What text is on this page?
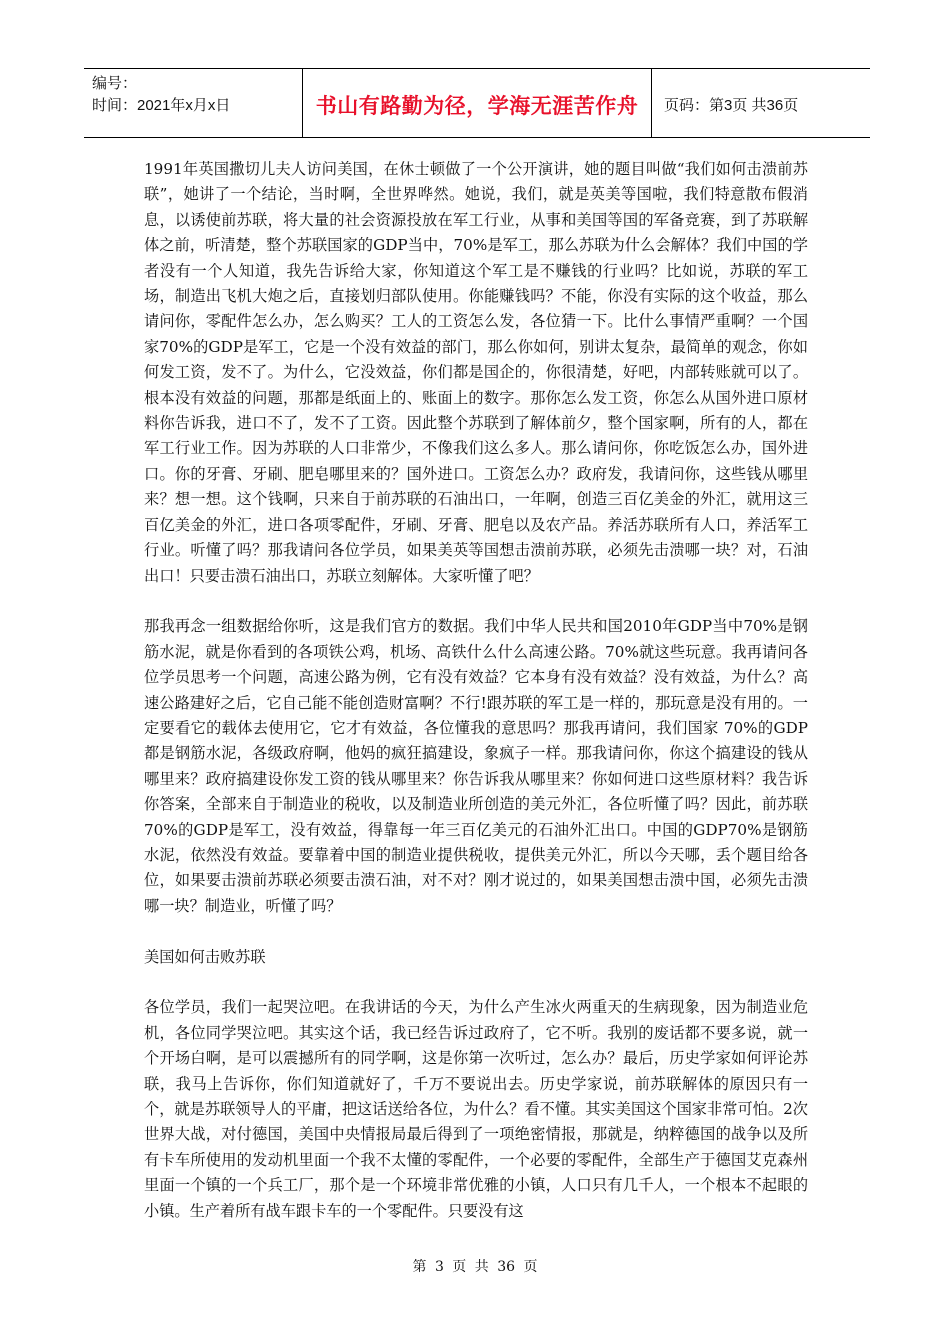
编号：
时间：2021年x月x日	书山有路勤为径，学海无涯苦作舟	页码：第3页 共36页

1991年英国撒切儿夫人访问美国，在休士顿做了一个公开演讲，她的题目叫做“我们如何击溃前苏联”，她讲了一个结论，当时啊，全世界哗然。她说，我们，就是英美等国啦，我们特意散布假消息，以诱使前苏联，将大量的社会资源投放在军工行业，从事和美国等国的军备竞赛，到了苏联解体之前，听清楚，整个苏联国家的GDP当中，70%是军工，那么苏联为什么会解体？我们中国的学者没有一个人知道，我先告诉给大家，你知道这个军工是不赚钱的行业吗？比如说，苏联的军工场，制造出飞机大炮之后，直接划归部队使用。你能赚钱吗？不能，你没有实际的这个收益，那么请问你，零配件怎么办，怎么购买？工人的工资怎么发，各位猜一下。比什么事情严重啊？一个国家70%的GDP是军工，它是一个没有效益的部门，那么你如何，别讲太复杂，最简单的观念，你如何发工资，发不了。为什么，它没效益，你们都是国企的，你很清楚，好吧，内部转账就可以了。根本没有效益的问题，那都是纸面上的、账面上的数字。那你怎么发工资，你怎么从国外进口原材料你告诉我，进口不了，发不了工资。因此整个苏联到了解体前夕，整个国家啊，所有的人，都在军工行业工作。因为苏联的人口非常少，不像我们这么多人。那么请问你，你吃饭怎么办，国外进口。你的牙膏、牙刷、肥皂哪里来的？国外进口。工资怎么办？政府发，我请问你，这些钱从哪里来？想一想。这个钱啊，只来自于前苏联的石油出口，一年啊，创造三百亿美金的外汇，就用这三百亿美金的外汇，进口各项零配件，牙刷、牙膏、肥皂以及农产品。养活苏联所有人口，养活军工行业。听懂了吗？那我请问各位学员，如果美英等国想击溃前苏联，必须先击溃哪一块？对，石油出口！只要击溃石油出口，苏联立刻解体。大家听懂了吧？

那我再念一组数据给你听，这是我们官方的数据。我们中华人民共和国2010年GDP当中70%是钢筋水泥，就是你看到的各项铁公鸡，机场、高铁什么什么高速公路。70%就这些玩意。我再请问各位学员思考一个问题，高速公路为例，它有没有效益？它本身有没有效益？没有效益，为什么？高速公路建好之后，它自己能不能创造财富啊？不行!跟苏联的军工是一样的，那玩意是没有用的。一定要看它的载体去使用它，它才有效益，各位懂我的意思吗？那我再请问，我们国家 70%的GDP都是钢筋水泥，各级政府啊，他妈的疯狂搞建设，象疯子一样。那我请问你，你这个搞建设的钱从哪里来？政府搞建设你发工资的钱从哪里来？你告诉我从哪里来？你如何进口这些原材料？我告诉你答案，全部来自于制造业的税收，以及制造业所创造的美元外汇，各位听懂了吗？因此，前苏联70%的GDP是军工，没有效益，得靠每一年三百亿美元的石油外汇出口。中国的GDP70%是钢筋水泥，依然没有效益。要靠着中国的制造业提供税收，提供美元外汇，所以今天哪，丢个题目给各位，如果要击溃前苏联必须要击溃石油，对不对？刚才说过的，如果美国想击溃中国，必须先击溃哪一块？制造业，听懂了吗？

美国如何击败苏联

各位学员，我们一起哭泣吧。在我讲话的今天，为什么产生冰火两重天的生病现象，因为制造业危机，各位同学哭泣吧。其实这个话，我已经告诉过政府了，它不听。我别的废话都不要多说，就一个开场白啊，是可以震撼所有的同学啊，这是你第一次听过，怎么办？最后，历史学家如何评论苏联，我马上告诉你，你们知道就好了，千万不要说出去。历史学家说，前苏联解体的原因只有一个，就是苏联领导人的平庸，把这话送给各位，为什么？看不懂。其实美国这个国家非常可怕。2次世界大战，对付德国，美国中央情报局最后得到了一项绝密情报，那就是，纳粹德国的战争以及所有卡车所使用的发动机里面一个我不太懂的零配件，一个必要的零配件，全部生产于德国艾克森州里面一个镇的一个兵工厂，那个是一个环境非常优雅的小镇，人口只有几千人，一个根本不起眼的小镇。生产着所有战车跟卡车的一个零配件。只要没有这

第 3 页 共 36 页
